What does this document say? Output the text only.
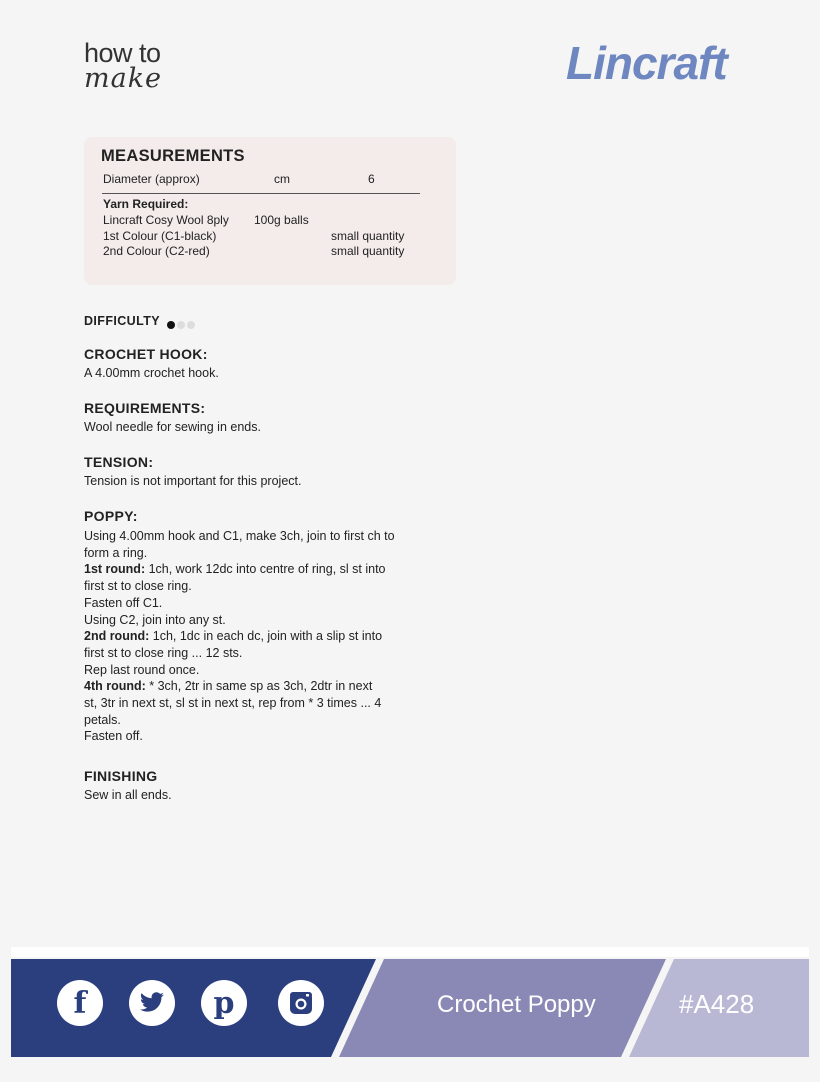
how to
make	Lincraft
MEASUREMENTS
Diameter (approx)	cm	6
Yarn Required:
Lincraft Cosy Wool 8ply 100g balls
1st Colour (C1-black)	small quantity
2nd Colour (C2-red)	small quantity
DIFFICULTY
CROCHET HOOK:

A 4.00mm crochet hook.

REQUIREMENTS:

Wool needle for sewing in ends.

TENSION:

Tension is not important for this project.

POPPY:
Using 4.00mm hook and C1, make 3ch, join to first ch to
form a ring.
1st round: 1ch, work 12dc into centre of ring, sl st into
first st to close ring.
Fasten off C1.
Using C2, join into any st.
2nd round: 1ch, 1dc in each dc, join with a slip st into
first st to close ring ... 12 sts.
Rep last round once.
4th round: * 3ch, 2tr in same sp as 3ch, 2dtr in next
st, 3tr in next st, sl st in next st, rep from * 3 times ... 4
petals.
Fasten off.
FINISHING

Sew in all ends.

f	p	Crochet Poppy	#A428
